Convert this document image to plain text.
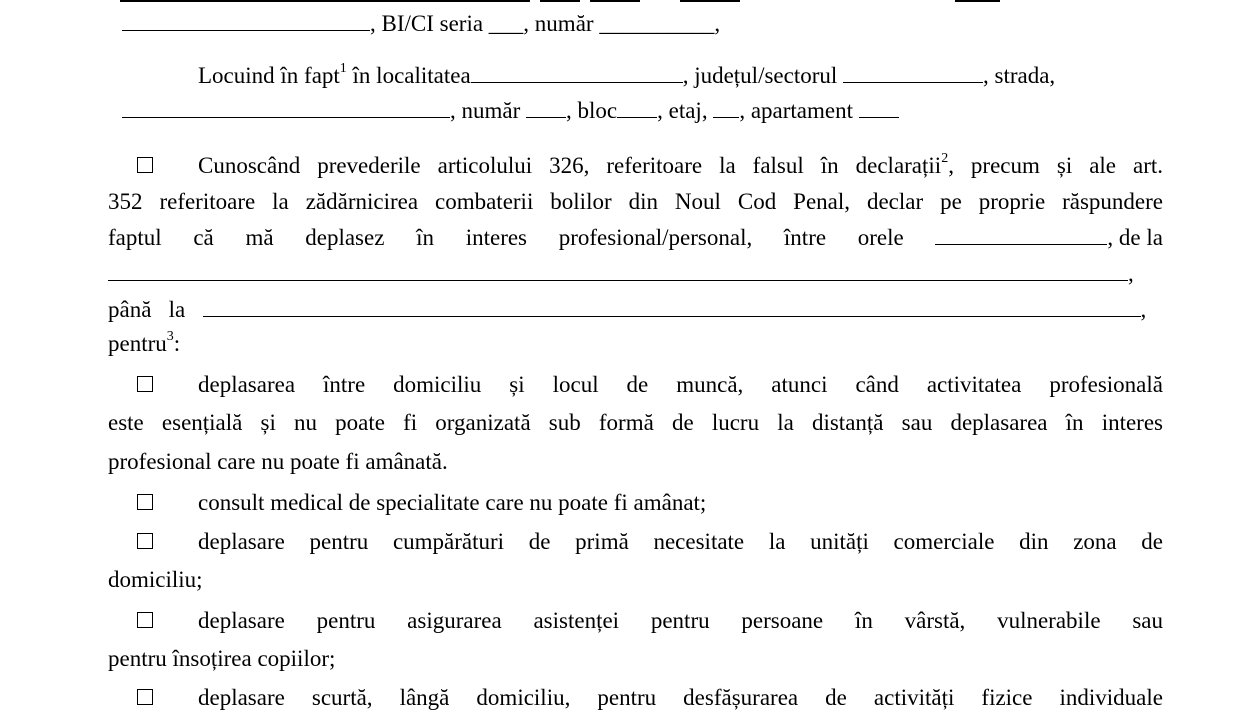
, BI/CI seria ___, număr __________,
Locuind în fapt$^1$ în localitatea	, județul/sectorul	, strada,
, număr , bloc , etaj, , apartament
Cunoscând prevederile articolului 326, referitoare la falsul în declarații$^2$, precum și ale art.
352 referitoare la zădărnicirea combaterii bolilor din Noul Cod Penal, declar pe proprie răspundere
faptul că mă deplasez în interes profesional/personal, între orele	, de la
,
până la	,
pentru$^3$:
deplasarea între domiciliu și locul de muncă, atunci când activitatea profesională
este esențială și nu poate fi organizată sub formă de lucru la distanță sau deplasarea în interes
profesional care nu poate fi amânată.
consult medical de specialitate care nu poate fi amânat;
deplasare pentru cumpărături de primă necesitate la unități comerciale din zona de
domiciliu;
deplasare pentru asigurarea asistenței pentru persoane în vârstă, vulnerabile sau
pentru însoțirea copiilor;
deplasare scurtă, lângă domiciliu, pentru desfășurarea de activități fizice individuale
